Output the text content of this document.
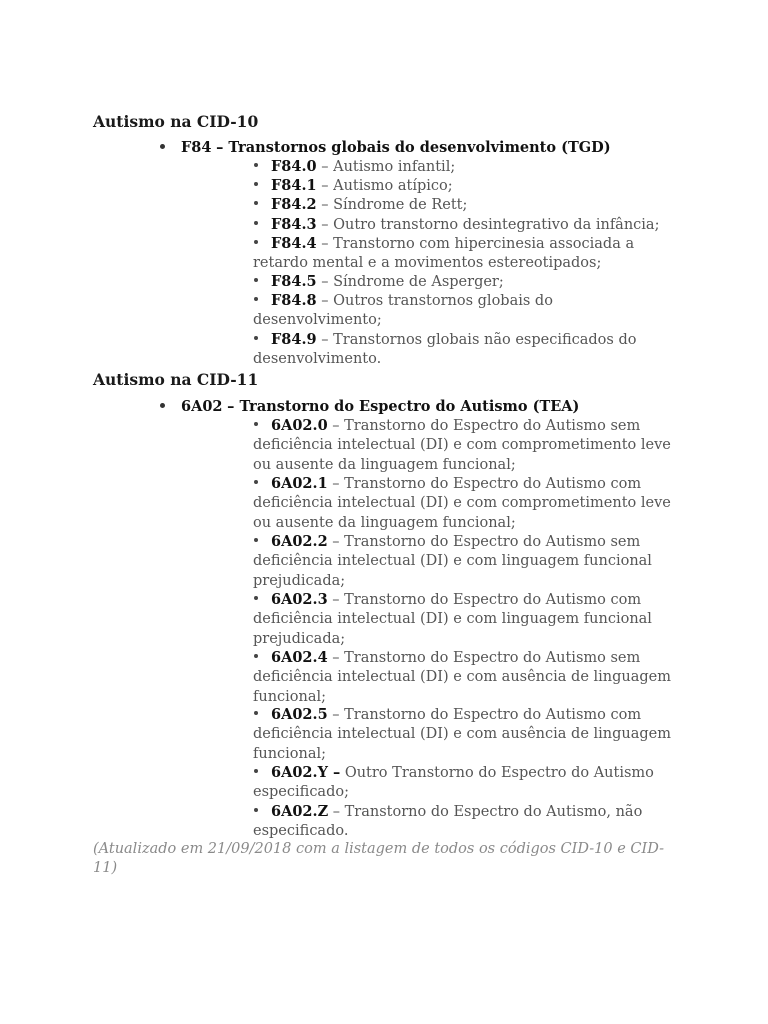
Autismo na CID-10
F84 – Transtornos globais do desenvolvimento (TGD)
F84.0 – Autismo infantil;
F84.1 – Autismo atípico;
F84.2 – Síndrome de Rett;
F84.3 – Outro transtorno desintegrativo da infância;
F84.4 – Transtorno com hipercinesia associada a retardo mental e a movimentos estereotipados;
F84.5 – Síndrome de Asperger;
F84.8 – Outros transtornos globais do desenvolvimento;
F84.9 – Transtornos globais não especificados do desenvolvimento.
Autismo na CID-11
6A02 – Transtorno do Espectro do Autismo (TEA)
6A02.0 – Transtorno do Espectro do Autismo sem deficiência intelectual (DI) e com comprometimento leve ou ausente da linguagem funcional;
6A02.1 – Transtorno do Espectro do Autismo com deficiência intelectual (DI) e com comprometimento leve ou ausente da linguagem funcional;
6A02.2 – Transtorno do Espectro do Autismo sem deficiência intelectual (DI) e com linguagem funcional prejudicada;
6A02.3 – Transtorno do Espectro do Autismo com deficiência intelectual (DI) e com linguagem funcional prejudicada;
6A02.4 – Transtorno do Espectro do Autismo sem deficiência intelectual (DI) e com ausência de linguagem funcional;
6A02.5 – Transtorno do Espectro do Autismo com deficiência intelectual (DI) e com ausência de linguagem funcional;
6A02.Y – Outro Transtorno do Espectro do Autismo especificado;
6A02.Z – Transtorno do Espectro do Autismo, não especificado.

(Atualizado em 21/09/2018 com a listagem de todos os códigos CID-10 e CID-11)
